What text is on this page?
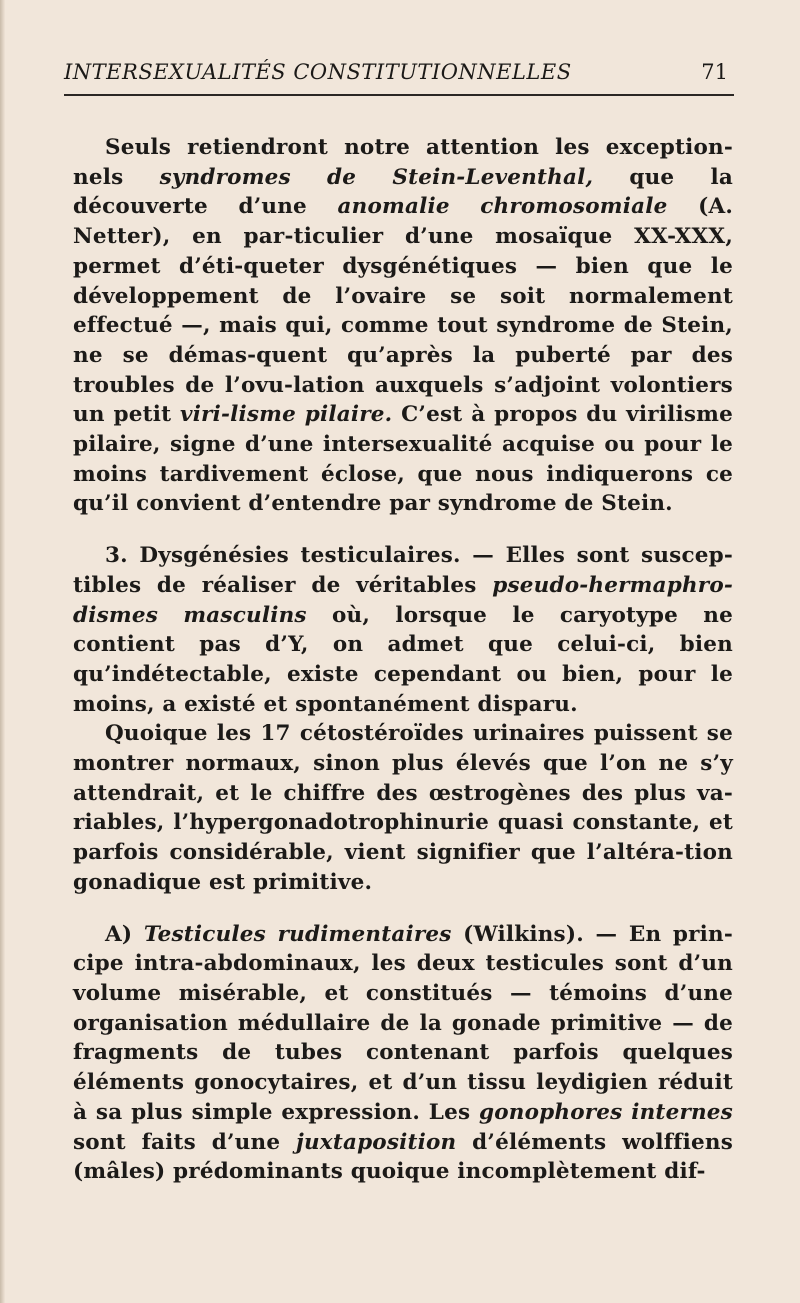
INTERSEXUALITÉS CONSTITUTIONNELLES	71

Seuls retiendront notre attention les exception-nels syndromes de Stein-Leventhal, que la découverte d’une anomalie chromosomiale (A. Netter), en par-ticulier d’une mosaïque XX-XXX, permet d’éti-queter dysgénétiques — bien que le développement de l’ovaire se soit normalement effectué —, mais qui, comme tout syndrome de Stein, ne se démas-quent qu’après la puberté par des troubles de l’ovu-lation auxquels s’adjoint volontiers un petit viri-lisme pilaire. C’est à propos du virilisme pilaire, signe d’une intersexualité acquise ou pour le moins tardivement éclose, que nous indiquerons ce qu’il convient d’entendre par syndrome de Stein.

3. Dysgénésies testiculaires. — Elles sont suscep-tibles de réaliser de véritables pseudo-hermaphro-dismes masculins où, lorsque le caryotype ne contient pas d’Y, on admet que celui-ci, bien qu’indétectable, existe cependant ou bien, pour le moins, a existé et spontanément disparu.

Quoique les 17 cétostéroïdes urinaires puissent se montrer normaux, sinon plus élevés que l’on ne s’y attendrait, et le chiffre des œstrogènes des plus va-riables, l’hypergonadotrophinurie quasi constante, et parfois considérable, vient signifier que l’altéra-tion gonadique est primitive.

A) Testicules rudimentaires (Wilkins). — En prin-cipe intra-abdominaux, les deux testicules sont d’un volume misérable, et constitués — témoins d’une organisation médullaire de la gonade primitive — de fragments de tubes contenant parfois quelques éléments gonocytaires, et d’un tissu leydigien réduit à sa plus simple expression. Les gonophores internes sont faits d’une juxtaposition d’éléments wolffiens (mâles) prédominants quoique incomplètement dif-
